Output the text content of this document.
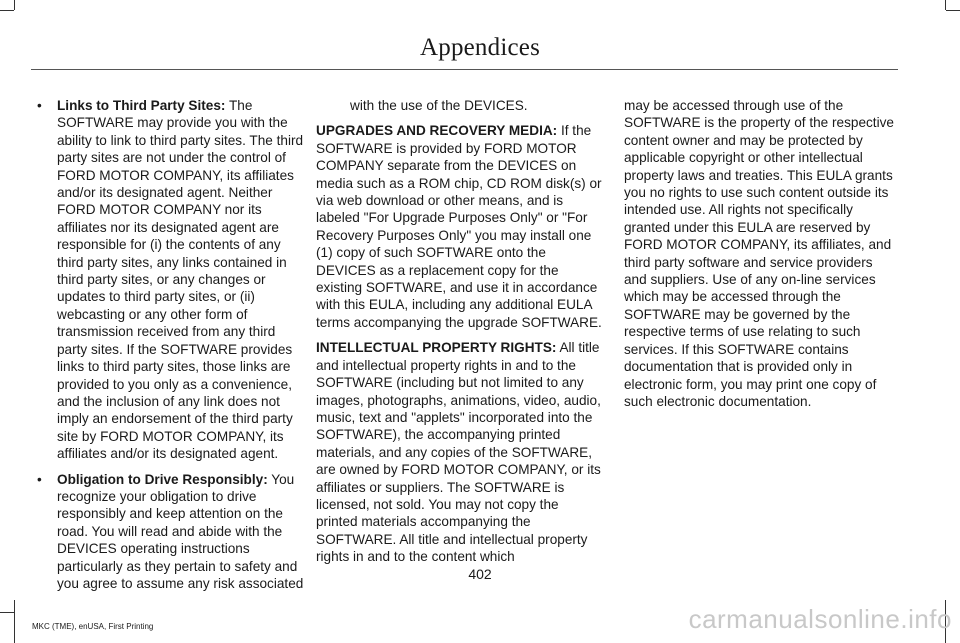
Appendices
• Links to Third Party Sites: The SOFTWARE may provide you with the ability to link to third party sites. The third party sites are not under the control of FORD MOTOR COMPANY, its affiliates and/or its designated agent. Neither FORD MOTOR COMPANY nor its affiliates nor its designated agent are responsible for (i) the contents of any third party sites, any links contained in third party sites, or any changes or updates to third party sites, or (ii) webcasting or any other form of transmission received from any third party sites. If the SOFTWARE provides links to third party sites, those links are provided to you only as a convenience, and the inclusion of any link does not imply an endorsement of the third party site by FORD MOTOR COMPANY, its affiliates and/or its designated agent.
• Obligation to Drive Responsibly: You recognize your obligation to drive responsibly and keep attention on the road. You will read and abide with the DEVICES operating instructions particularly as they pertain to safety and you agree to assume any risk associated
with the use of the DEVICES.
UPGRADES AND RECOVERY MEDIA: If the SOFTWARE is provided by FORD MOTOR COMPANY separate from the DEVICES on media such as a ROM chip, CD ROM disk(s) or via web download or other means, and is labeled "For Upgrade Purposes Only" or "For Recovery Purposes Only" you may install one (1) copy of such SOFTWARE onto the DEVICES as a replacement copy for the existing SOFTWARE, and use it in accordance with this EULA, including any additional EULA terms accompanying the upgrade SOFTWARE.
INTELLECTUAL PROPERTY RIGHTS: All title and intellectual property rights in and to the SOFTWARE (including but not limited to any images, photographs, animations, video, audio, music, text and "applets" incorporated into the SOFTWARE), the accompanying printed materials, and any copies of the SOFTWARE, are owned by FORD MOTOR COMPANY, or its affiliates or suppliers. The SOFTWARE is licensed, not sold. You may not copy the printed materials accompanying the SOFTWARE. All title and intellectual property rights in and to the content which
may be accessed through use of the SOFTWARE is the property of the respective content owner and may be protected by applicable copyright or other intellectual property laws and treaties. This EULA grants you no rights to use such content outside its intended use. All rights not specifically granted under this EULA are reserved by FORD MOTOR COMPANY, its affiliates, and third party software and service providers and suppliers. Use of any on-line services which may be accessed through the SOFTWARE may be governed by the respective terms of use relating to such services. If this SOFTWARE contains documentation that is provided only in electronic form, you may print one copy of such electronic documentation.
402
MKC (TME), enUSA, First Printing	carmanualsonline.info
